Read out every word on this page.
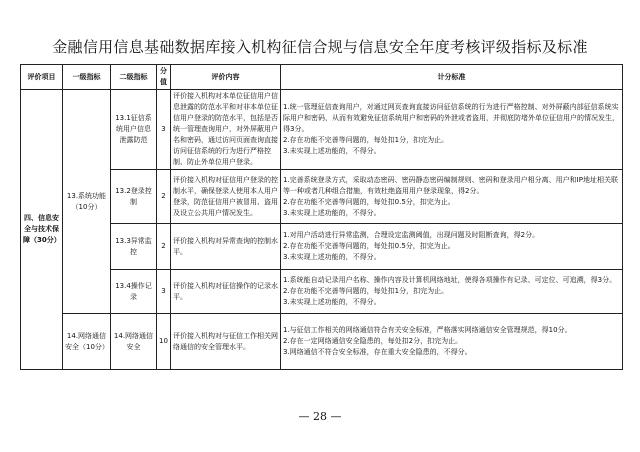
金融信用信息基础数据库接入机构征信合规与信息安全年度考核评级指标及标准
评价项目	一级指标	二级指标	分值	评价内容	计分标准
四、信息安全与技术保障（30分）	13.系统功能（10分）	13.1征信系统用户信息泄露防范	3	评价接入机构对本单位征信用户信息泄露的防范水平和对非本单位征信用户登录的防范水平，包括是否统一管理查询用户，对外屏蔽用户名和密码，通过访问页面查询直接访问征信系统的行为进行严格控制、防止外单位用户登录。	1.统一管理征信查询用户，对通过网页查询直接访问征信系统的行为进行严格控制、对外屏蔽内部征信系统实际用户和密码，从而有效避免征信系统用户和密码的外泄或者盗用，并彻底防堵外单位征信用户的情况发生，得3分。
2.存在功能不完善等问题的，每处扣1分，扣完为止。
3.未实现上述功能的，不得分。

		13.2登录控制	2	评价接入机构对征信用户登录的控制水平，确保登录人使用本人用户登录，防范征信用户被冒用、盗用及设立公共用户情况发生。	1.完善系统登录方式，采取动态密码、密码静态密码编制规则、密码和登录用户相分离、用户和IP地址相关联等一种或者几种组合措施，有效杜绝盗用用户登录现象，得2分。
2.存在功能不完善等问题的，每处扣0.5分，扣完为止。
3.未实现上述功能的，不得分。

		13.3异常监控	2	评价接入机构对异常查询的控制水平。	1.对用户活动进行异常监测，合理设定监测阈值，出现问题及时阻断查询，得2分。
2.存在功能不完善等问题的，每处扣0.5分，扣完为止。
3.未实现上述功能的，不得分。

		13.4操作记录	3	评价接入机构对征信操作的记录水平。	1.系统能自动记录用户名称、操作内容及计算机网络地址，使得各项操作有记录、可定位、可追溯，得3分。
2.存在功能不完善等问题的，每处扣1分，扣完为止。
3.未实现上述功能的，不得分。

	14.网络通信安全（10分）	14.网络通信安全	10	评价接入机构对与征信工作相关网络通信的安全管理水平。	1.与征信工作相关的网络通信符合有关安全标准，严格落实网络通信安全管理规范，得10分。
2.存在一定网络通信安全隐患的，每处扣2分，扣完为止。
3.网络通信不符合安全标准，存在重大安全隐患的，不得分。
— 28 —
